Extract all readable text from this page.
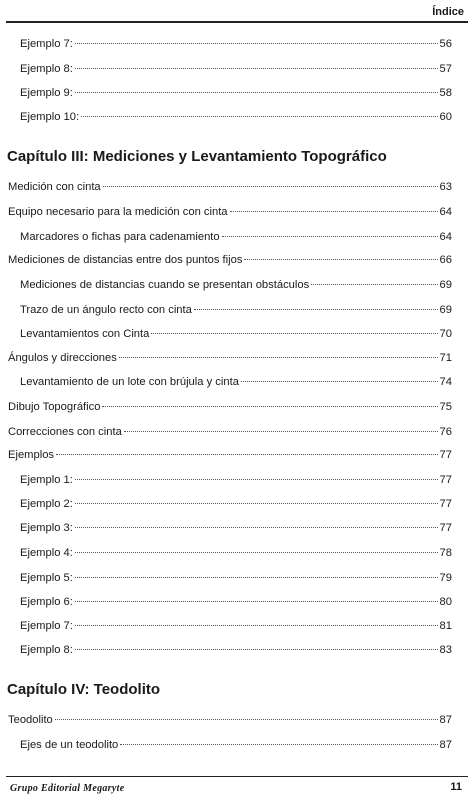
Índice
Capítulo III: Mediciones y Levantamiento Topográfico
Capítulo IV: Teodolito
Ejemplo 7:	56
Ejemplo 8:	57
Ejemplo 9:	58
Ejemplo 10:	60
Medición con cinta	63
Equipo necesario para la medición con cinta	64
Marcadores o fichas para cadenamiento	64
Mediciones de distancias entre dos puntos fijos	66
Mediciones de distancias cuando se presentan obstáculos	69
Trazo de un ángulo recto con cinta	69
Levantamientos con Cinta	70
Ángulos y direcciones	71
Levantamiento de un lote con brújula y cinta	74
Dibujo Topográfico	75
Correcciones con cinta	76
Ejemplos	77
Ejemplo 1:	77
Ejemplo 2:	77
Ejemplo 3:	77
Ejemplo 4:	78
Ejemplo 5:	79
Ejemplo 6:	80
Ejemplo 7:	81
Ejemplo 8:	83
Teodolito	87
Ejes de un teodolito	87
Grupo Editorial Megaryte	11
